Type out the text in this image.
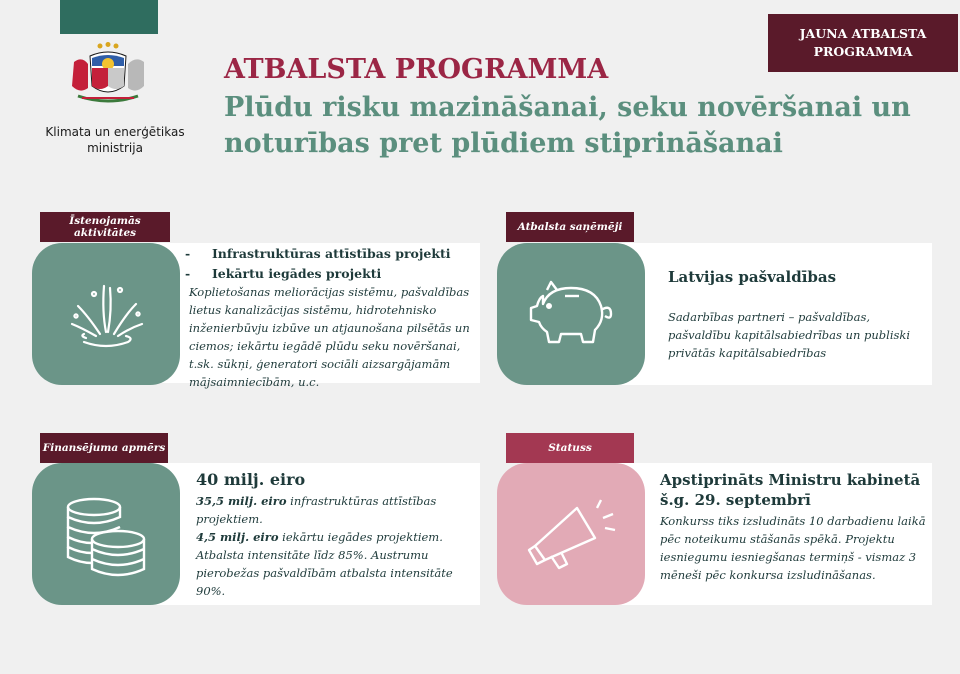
Klimata un enerģētikas ministrija
JAUNA ATBALSTA PROGRAMMA
ATBALSTA PROGRAMMA
Plūdu risku mazināšanai, seku novēršanai un noturības pret plūdiem stiprināšanai
Īstenojamās aktivitātes
-     Infrastruktūras attīstības projekti
-     Iekārtu iegādes projekti
Koplietošanas meliorācijas sistēmu, pašvaldības lietus kanalizācijas sistēmu, hidrotehnisko inženierbūvju izbūve un atjaunošana pilsētās un ciemos; iekārtu iegādē plūdu seku novēršanai, t.sk. sūkņi, ģeneratori sociāli aizsargājamām mājsaimniecībām, u.c.
Atbalsta saņēmēji
Latvijas pašvaldības
Sadarbības partneri – pašvaldības, pašvaldību kapitālsabiedrības un publiski privātās kapitālsabiedrības
Finansējuma apmērs
40 milj. eiro
35,5 milj. eiro infrastruktūras attīstības projektiem.
4,5 milj. eiro iekārtu iegādes projektiem.
Atbalsta intensitāte līdz 85%. Austrumu pierobežas pašvaldībām atbalsta intensitāte 90%.
Statuss
Apstiprināts Ministru kabinetā š.g. 29. septembrī
Konkurss tiks izsludināts 10 darbadienu laikā pēc noteikumu stāšanās spēkā. Projektu iesniegumu iesniegšanas termiņš - vismaz 3 mēneši pēc konkursa izsludināšanas.
